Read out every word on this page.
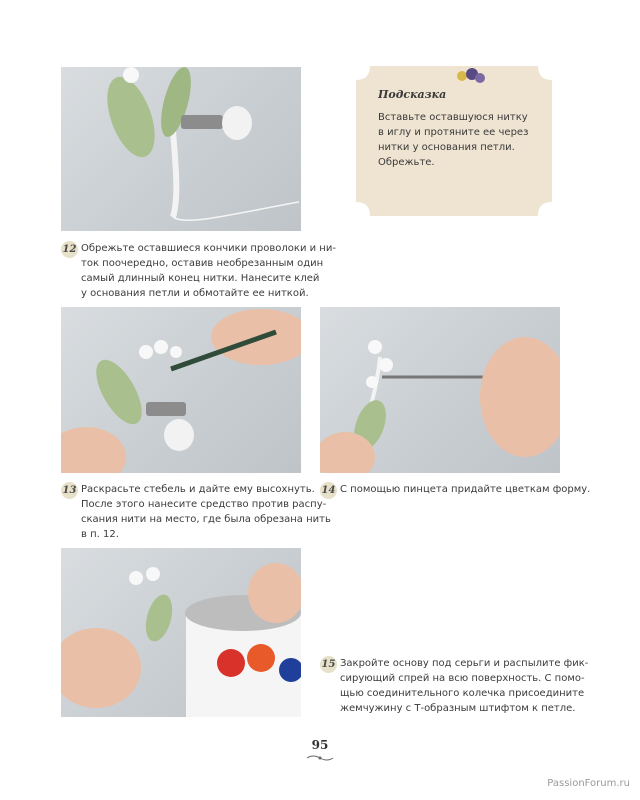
Подсказка
Вставьте оставшуюся нитку
в иглу и протяните ее через
нитки у основания петли.
Обрежьте.
12 Обрежьте оставшиеся кончики проволоки и ни-
ток поочередно, оставив необрезанным один
самый длинный конец нитки. Нанесите клей
у основания петли и обмотайте ее ниткой.
13 Раскрасьте стебель и дайте ему высохнуть.
После этого нанесите средство против распу-
скания нити на место, где была обрезана нить
в п. 12.
14 С помощью пинцета придайте цветкам форму.
15 Закройте основу под серьги и распылите фик-
сирующий спрей на всю поверхность. С помо-
щью соединительного колечка присоедините
жемчужину с Т-образным штифтом к петле.
95
PassionForum.ru
